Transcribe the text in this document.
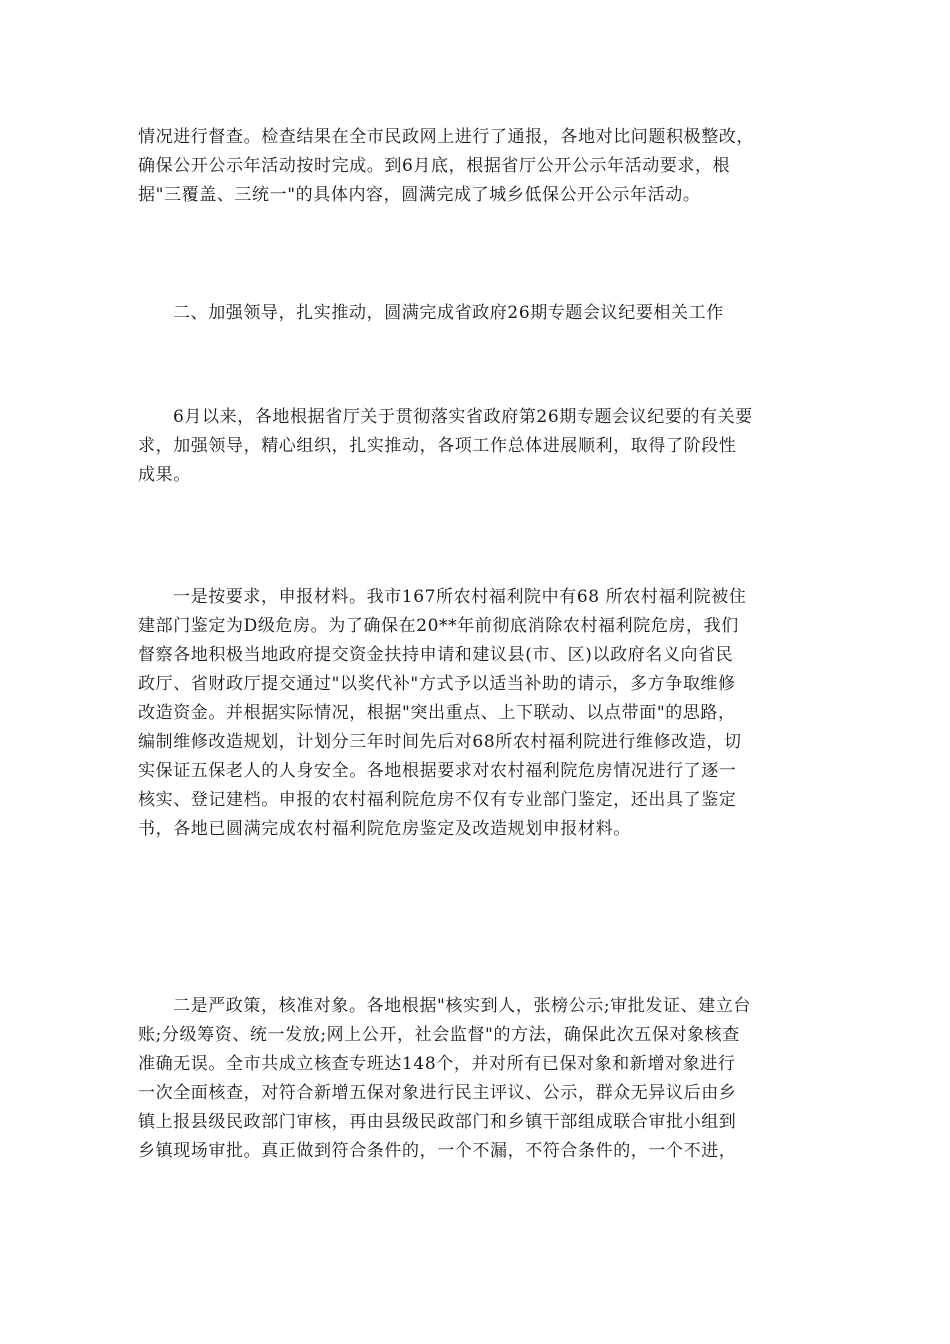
情况进行督查。检查结果在全市民政网上进行了通报，各地对比问题积极整改，
确保公开公示年活动按时完成。到6月底，根据省厅公开公示年活动要求，根
据"三覆盖、三统一"的具体内容，圆满完成了城乡低保公开公示年活动。

二、加强领导，扎实推动，圆满完成省政府26期专题会议纪要相关工作

6月以来，各地根据省厅关于贯彻落实省政府第26期专题会议纪要的有关要
求，加强领导，精心组织，扎实推动，各项工作总体进展顺利，取得了阶段性
成果。

一是按要求，申报材料。我市167所农村福利院中有68 所农村福利院被住
建部门鉴定为D级危房。为了确保在20**年前彻底消除农村福利院危房，我们
督察各地积极当地政府提交资金扶持申请和建议县(市、区)以政府名义向省民
政厅、省财政厅提交通过"以奖代补"方式予以适当补助的请示，多方争取维修
改造资金。并根据实际情况，根据"突出重点、上下联动、以点带面"的思路，
编制维修改造规划，计划分三年时间先后对68所农村福利院进行维修改造，切
实保证五保老人的人身安全。各地根据要求对农村福利院危房情况进行了逐一
核实、登记建档。申报的农村福利院危房不仅有专业部门鉴定，还出具了鉴定
书，各地已圆满完成农村福利院危房鉴定及改造规划申报材料。

二是严政策，核准对象。各地根据"核实到人，张榜公示;审批发证、建立台
账;分级筹资、统一发放;网上公开，社会监督"的方法，确保此次五保对象核查
准确无误。全市共成立核查专班达148个，并对所有已保对象和新增对象进行
一次全面核查，对符合新增五保对象进行民主评议、公示，群众无异议后由乡
镇上报县级民政部门审核，再由县级民政部门和乡镇干部组成联合审批小组到
乡镇现场审批。真正做到符合条件的，一个不漏，不符合条件的，一个不进，
